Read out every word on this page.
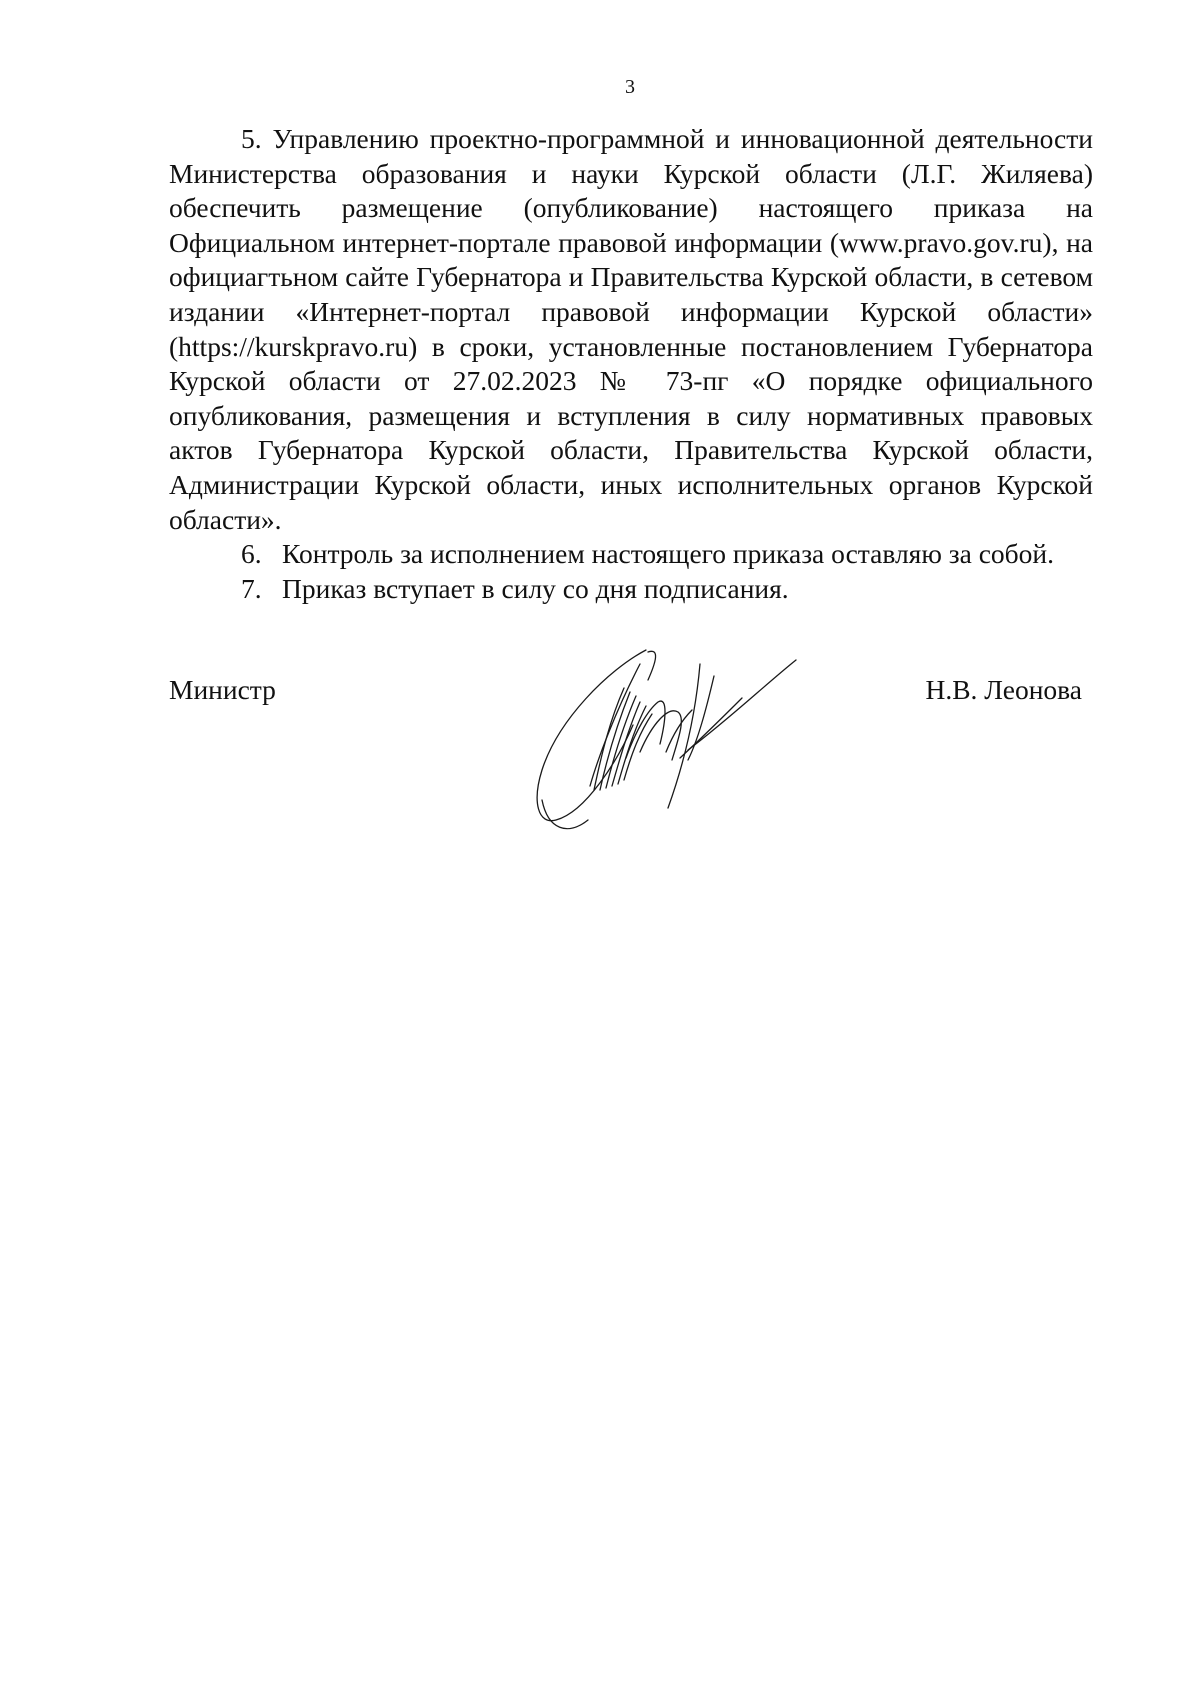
3

5. Управлению проектно-программной и инновационной деятельности Министерства образования и науки Курской области (Л.Г. Жиляева) обеспечить размещение (опубликование) настоящего приказа на Официальном интернет-портале правовой информации (www.pravo.gov.ru), на официагтьном сайте Губернатора и Правительства Курской области, в сетевом издании «Интернет-портал правовой информации Курской области» (https://kurskpravo.ru) в сроки, установленные постановлением Губернатора Курской области от 27.02.2023 № 73-пг «О порядке официального опубликования, размещения и вступления в силу нормативных правовых актов Губернатора Курской области, Правительства Курской области, Администрации Курской области, иных исполнительных органов Курской области».

6. Контроль за исполнением настоящего приказа оставляю за собой.

7. Приказ вступает в силу со дня подписания.

Министр	Н.В. Леонова
